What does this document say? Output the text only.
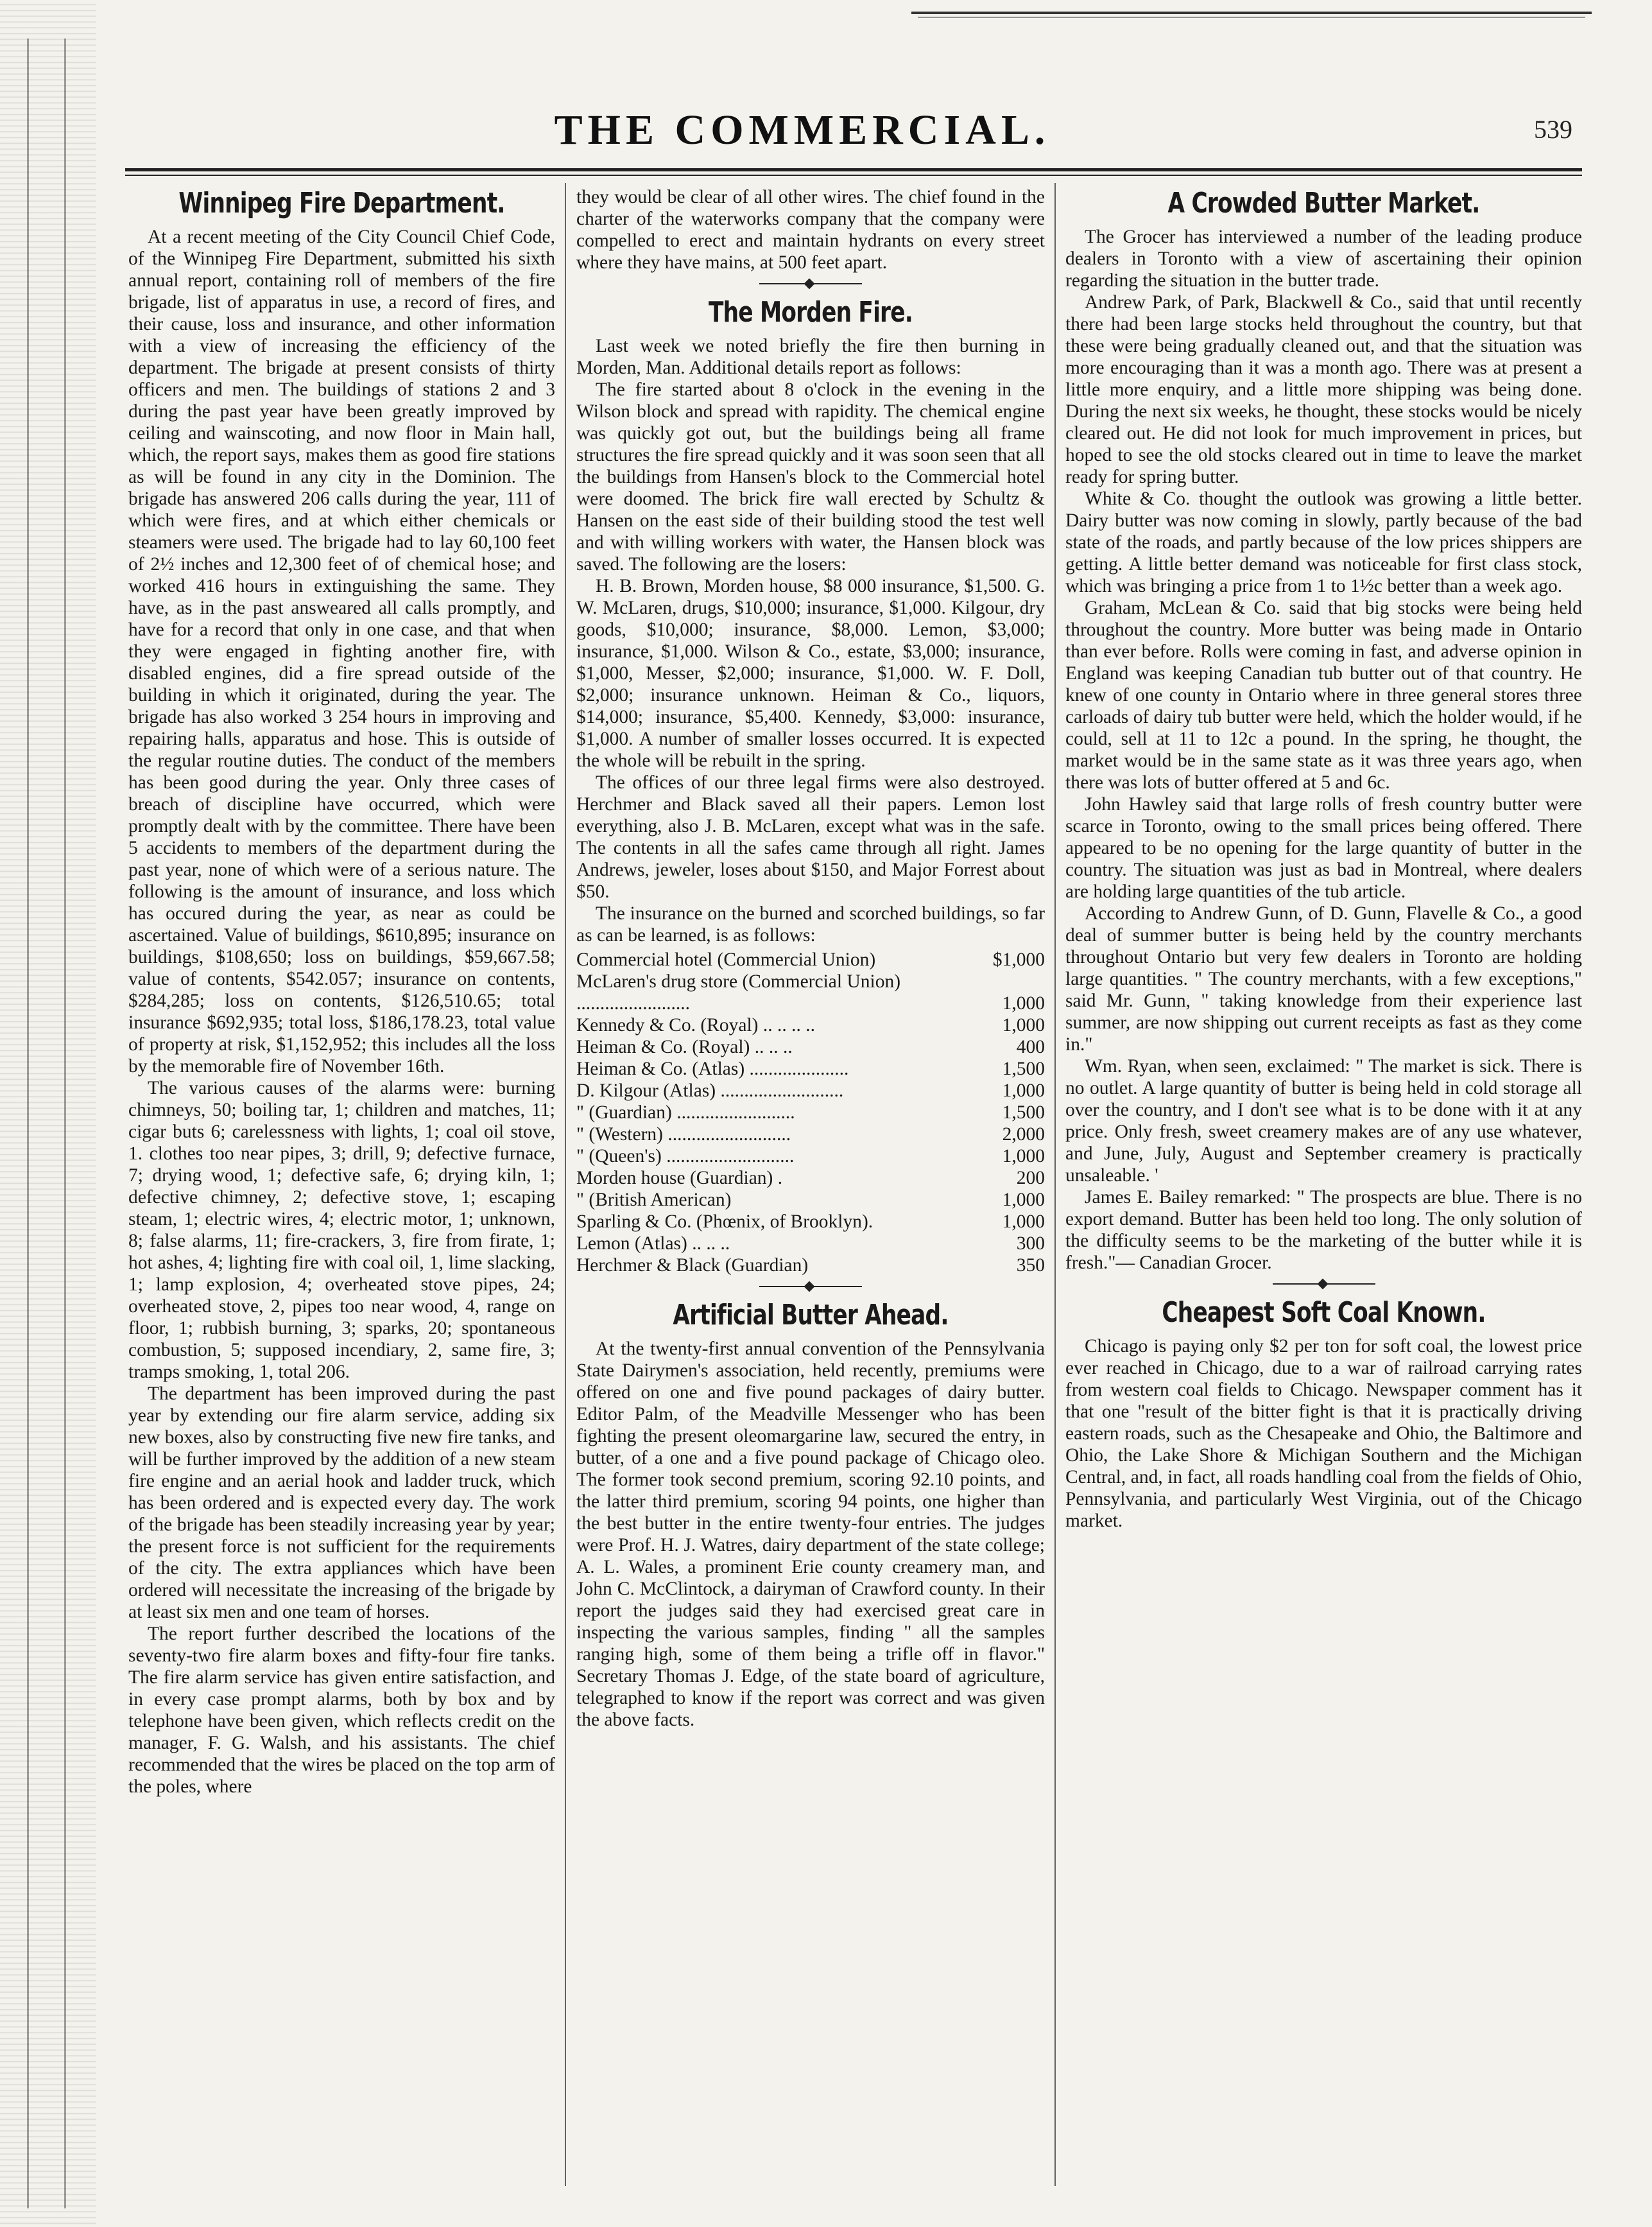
THE COMMERCIAL.	539
Winnipeg Fire Department.

At a recent meeting of the City Council Chief Code, of the Winnipeg Fire Department, submitted his sixth annual report, containing roll of members of the fire brigade, list of apparatus in use, a record of fires, and their cause, loss and insurance, and other information with a view of increasing the efficiency of the department. The brigade at present consists of thirty officers and men. The buildings of stations 2 and 3 during the past year have been greatly improved by ceiling and wainscoting, and now floor in Main hall, which, the report says, makes them as good fire stations as will be found in any city in the Dominion. The brigade has answered 206 calls during the year, 111 of which were fires, and at which either chemicals or steamers were used. The brigade had to lay 60,100 feet of 2½ inches and 12,300 feet of of chemical hose; and worked 416 hours in extinguishing the same. They have, as in the past answeared all calls promptly, and have for a record that only in one case, and that when they were engaged in fighting another fire, with disabled engines, did a fire spread outside of the building in which it originated, during the year. The brigade has also worked 3 254 hours in improving and repairing halls, apparatus and hose. This is outside of the regular routine duties. The conduct of the members has been good during the year. Only three cases of breach of discipline have occurred, which were promptly dealt with by the committee. There have been 5 accidents to members of the department during the past year, none of which were of a serious nature. The following is the amount of insurance, and loss which has occured during the year, as near as could be ascertained. Value of buildings, $610,895; insurance on buildings, $108,650; loss on buildings, $59,667.58; value of contents, $542.057; insurance on contents, $284,285; loss on contents, $126,510.65; total insurance $692,935; total loss, $186,178.23, total value of property at risk, $1,152,952; this includes all the loss by the memorable fire of November 16th.

The various causes of the alarms were: burning chimneys, 50; boiling tar, 1; children and matches, 11; cigar buts 6; carelessness with lights, 1; coal oil stove, 1. clothes too near pipes, 3; drill, 9; defective furnace, 7; drying wood, 1; defective safe, 6; drying kiln, 1; defective chimney, 2; defective stove, 1; escaping steam, 1; electric wires, 4; electric motor, 1; unknown, 8; false alarms, 11; fire-crackers, 3, fire from firate, 1; hot ashes, 4; lighting fire with coal oil, 1, lime slacking, 1; lamp explosion, 4; overheated stove pipes, 24; overheated stove, 2, pipes too near wood, 4, range on floor, 1; rubbish burning, 3; sparks, 20; spontaneous combustion, 5; supposed incendiary, 2, same fire, 3; tramps smoking, 1, total 206.

The department has been improved during the past year by extending our fire alarm service, adding six new boxes, also by constructing five new fire tanks, and will be further improved by the addition of a new steam fire engine and an aerial hook and ladder truck, which has been ordered and is expected every day. The work of the brigade has been steadily increasing year by year; the present force is not sufficient for the requirements of the city. The extra appliances which have been ordered will necessitate the increasing of the brigade by at least six men and one team of horses.

The report further described the locations of the seventy-two fire alarm boxes and fifty-four fire tanks. The fire alarm service has given entire satisfaction, and in every case prompt alarms, both by box and by telephone have been given, which reflects credit on the manager, F. G. Walsh, and his assistants. The chief recommended that the wires be placed on the top arm of the poles, where

they would be clear of all other wires. The chief found in the charter of the waterworks company that the company were compelled to erect and maintain hydrants on every street where they have mains, at 500 feet apart.

The Morden Fire.

Last week we noted briefly the fire then burning in Morden, Man. Additional details report as follows:

The fire started about 8 o'clock in the evening in the Wilson block and spread with rapidity. The chemical engine was quickly got out, but the buildings being all frame structures the fire spread quickly and it was soon seen that all the buildings from Hansen's block to the Commercial hotel were doomed. The brick fire wall erected by Schultz & Hansen on the east side of their building stood the test well and with willing workers with water, the Hansen block was saved. The following are the losers:

H. B. Brown, Morden house, $8 000 insurance, $1,500. G. W. McLaren, drugs, $10,000; insurance, $1,000. Kilgour, dry goods, $10,000; insurance, $8,000. Lemon, $3,000; insurance, $1,000. Wilson & Co., estate, $3,000; insurance, $1,000, Messer, $2,000; insurance, $1,000. W. F. Doll, $2,000; insurance unknown. Heiman & Co., liquors, $14,000; insurance, $5,400. Kennedy, $3,000: insurance, $1,000. A number of smaller losses occurred. It is expected the whole will be rebuilt in the spring.

The offices of our three legal firms were also destroyed. Herchmer and Black saved all their papers. Lemon lost everything, also J. B. McLaren, except what was in the safe. The contents in all the safes came through all right. James Andrews, jeweler, loses about $150, and Major Forrest about $50.

The insurance on the burned and scorched buildings, so far as can be learned, is as follows:

Commercial hotel (Commercial Union)	$1,000
McLaren's drug store (Commercial Union) ........................	1,000
Kennedy & Co. (Royal) .. .. .. ..	1,000
Heiman & Co. (Royal) .. .. ..	400
Heiman & Co. (Atlas) .....................	1,500
D. Kilgour (Atlas) ..........................	1,000
" (Guardian) .........................	1,500
" (Western) ..........................	2,000
" (Queen's) ...........................	1,000
Morden house (Guardian) .	200
" (British American)	1,000
Sparling & Co. (Phœnix, of Brooklyn).	1,000
Lemon (Atlas) .. .. ..	300
Herchmer & Black (Guardian)	350
Artificial Butter Ahead.

At the twenty-first annual convention of the Pennsylvania State Dairymen's association, held recently, premiums were offered on one and five pound packages of dairy butter. Editor Palm, of the Meadville Messenger who has been fighting the present oleomargarine law, secured the entry, in butter, of a one and a five pound package of Chicago oleo. The former took second premium, scoring 92.10 points, and the latter third premium, scoring 94 points, one higher than the best butter in the entire twenty-four entries. The judges were Prof. H. J. Watres, dairy department of the state college; A. L. Wales, a prominent Erie county creamery man, and John C. McClintock, a dairyman of Crawford county. In their report the judges said they had exercised great care in inspecting the various samples, finding " all the samples ranging high, some of them being a trifle off in flavor." Secretary Thomas J. Edge, of the state board of agriculture, telegraphed to know if the report was correct and was given the above facts.

A Crowded Butter Market.

The Grocer has interviewed a number of the leading produce dealers in Toronto with a view of ascertaining their opinion regarding the situation in the butter trade.

Andrew Park, of Park, Blackwell & Co., said that until recently there had been large stocks held throughout the country, but that these were being gradually cleaned out, and that the situation was more encouraging than it was a month ago. There was at present a little more enquiry, and a little more shipping was being done. During the next six weeks, he thought, these stocks would be nicely cleared out. He did not look for much improvement in prices, but hoped to see the old stocks cleared out in time to leave the market ready for spring butter.

White & Co. thought the outlook was growing a little better. Dairy butter was now coming in slowly, partly because of the bad state of the roads, and partly because of the low prices shippers are getting. A little better demand was noticeable for first class stock, which was bringing a price from 1 to 1½c better than a week ago.

Graham, McLean & Co. said that big stocks were being held throughout the country. More butter was being made in Ontario than ever before. Rolls were coming in fast, and adverse opinion in England was keeping Canadian tub butter out of that country. He knew of one county in Ontario where in three general stores three carloads of dairy tub butter were held, which the holder would, if he could, sell at 11 to 12c a pound. In the spring, he thought, the market would be in the same state as it was three years ago, when there was lots of butter offered at 5 and 6c.

John Hawley said that large rolls of fresh country butter were scarce in Toronto, owing to the small prices being offered. There appeared to be no opening for the large quantity of butter in the country. The situation was just as bad in Montreal, where dealers are holding large quantities of the tub article.

According to Andrew Gunn, of D. Gunn, Flavelle & Co., a good deal of summer butter is being held by the country merchants throughout Ontario but very few dealers in Toronto are holding large quantities. " The country merchants, with a few exceptions," said Mr. Gunn, " taking knowledge from their experience last summer, are now shipping out current receipts as fast as they come in."

Wm. Ryan, when seen, exclaimed: " The market is sick. There is no outlet. A large quantity of butter is being held in cold storage all over the country, and I don't see what is to be done with it at any price. Only fresh, sweet creamery makes are of any use whatever, and June, July, August and September creamery is practically unsaleable. '

James E. Bailey remarked: " The prospects are blue. There is no export demand. Butter has been held too long. The only solution of the difficulty seems to be the marketing of the butter while it is fresh."— Canadian Grocer.

Cheapest Soft Coal Known.

Chicago is paying only $2 per ton for soft coal, the lowest price ever reached in Chicago, due to a war of railroad carrying rates from western coal fields to Chicago. Newspaper comment has it that one "result of the bitter fight is that it is practically driving eastern roads, such as the Chesapeake and Ohio, the Baltimore and Ohio, the Lake Shore & Michigan Southern and the Michigan Central, and, in fact, all roads handling coal from the fields of Ohio, Pennsylvania, and particularly West Virginia, out of the Chicago market.
